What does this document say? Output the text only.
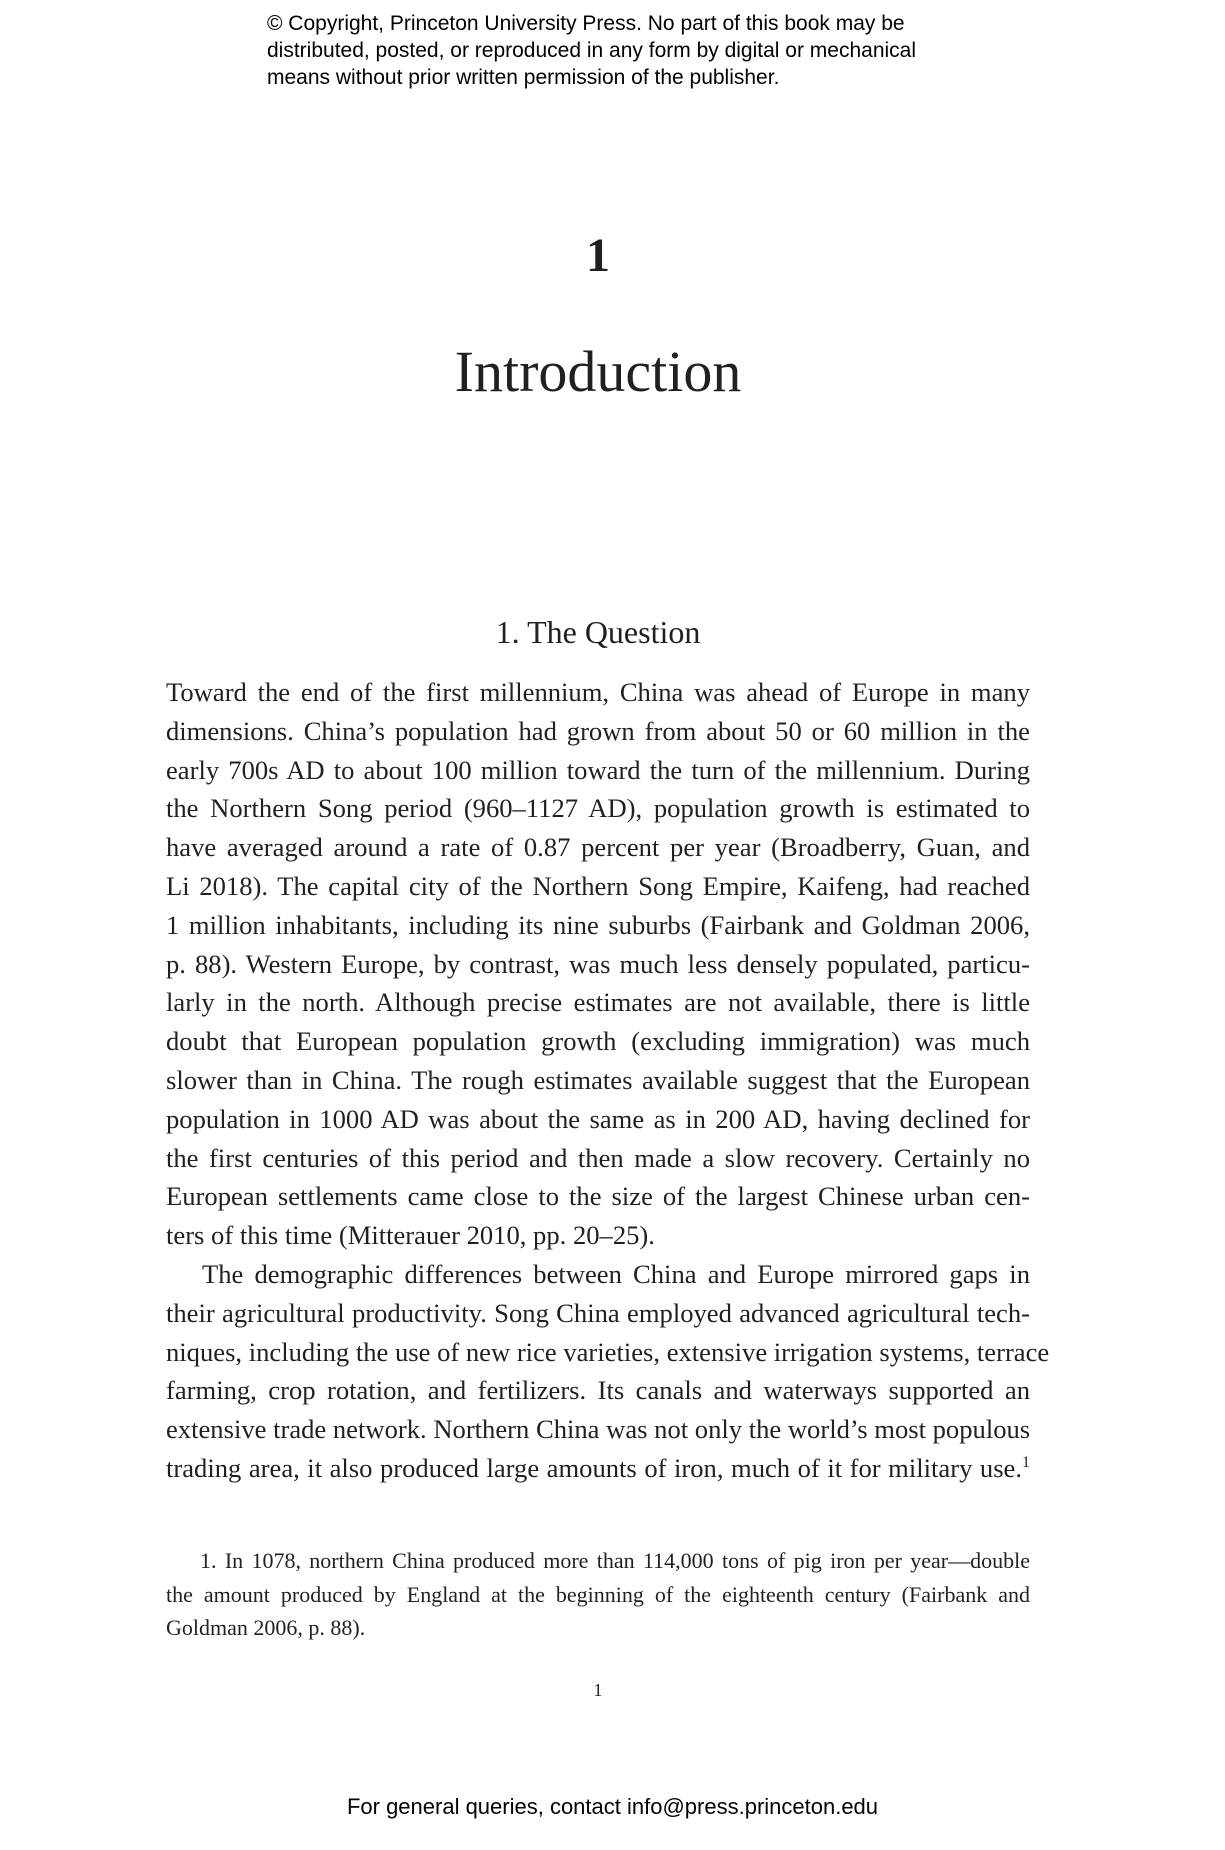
© Copyright, Princeton University Press. No part of this book may be
distributed, posted, or reproduced in any form by digital or mechanical
means without prior written permission of the publisher.
1
Introduction
1. The Question
Toward the end of the first millennium, China was ahead of Europe in many
dimensions. China’s population had grown from about 50 or 60 million in the
early 700s AD to about 100 million toward the turn of the millennium. During
the Northern Song period (960–1127 AD), population growth is estimated to
have averaged around a rate of 0.87 percent per year (Broadberry, Guan, and
Li 2018). The capital city of the Northern Song Empire, Kaifeng, had reached
1 million inhabitants, including its nine suburbs (Fairbank and Goldman 2006,
p. 88). Western Europe, by contrast, was much less densely populated, particu-
larly in the north. Although precise estimates are not available, there is little
doubt that European population growth (excluding immigration) was much
slower than in China. The rough estimates available suggest that the European
population in 1000 AD was about the same as in 200 AD, having declined for
the first centuries of this period and then made a slow recovery. Certainly no
European settlements came close to the size of the largest Chinese urban cen-
ters of this time (Mitterauer 2010, pp. 20–25).
The demographic differences between China and Europe mirrored gaps in
their agricultural productivity. Song China employed advanced agricultural tech-
niques, including the use of new rice varieties, extensive irrigation systems, terrace
farming, crop rotation, and fertilizers. Its canals and waterways supported an
extensive trade network. Northern China was not only the world’s most populous
trading area, it also produced large amounts of iron, much of it for military use.$^1$
1. In 1078, northern China produced more than 114,000 tons of pig iron per year—double
the amount produced by England at the beginning of the eighteenth century (Fairbank and
Goldman 2006, p. 88).
1
For general queries, contact info@press.princeton.edu
